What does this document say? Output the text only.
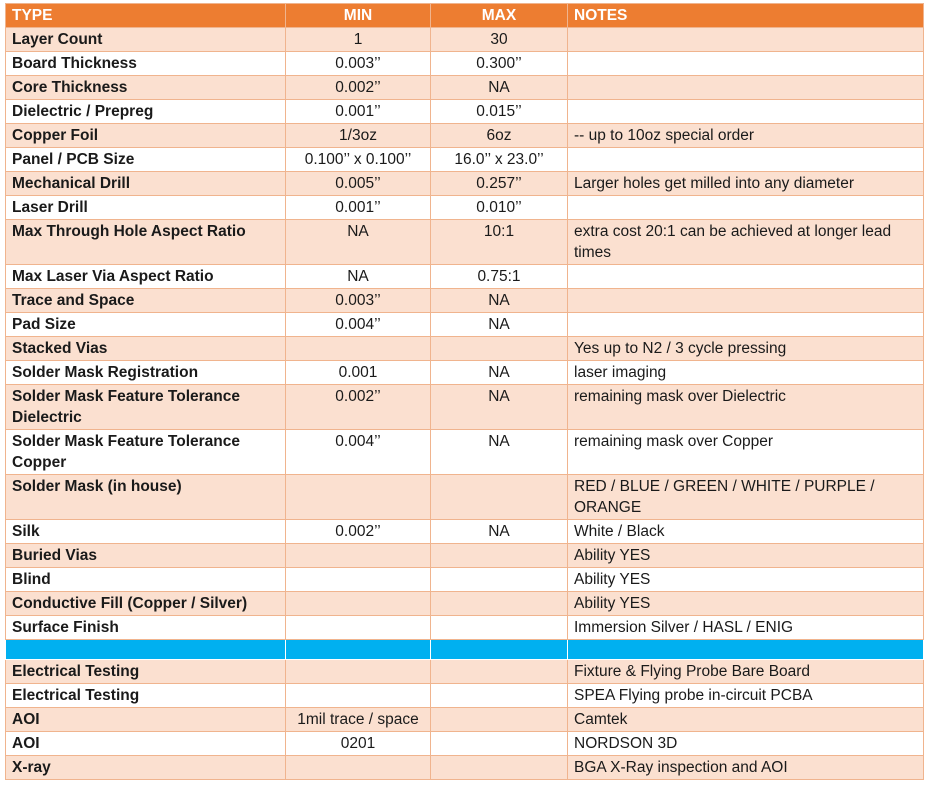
TYPE	MIN	MAX	NOTES
Layer Count	1	30	
Board Thickness	0.003’’	0.300’’	
Core Thickness	0.002’’	NA	
Dielectric / Prepreg	0.001’’	0.015’’	
Copper Foil	1/3oz	6oz	-- up to 10oz special order
Panel / PCB Size	0.100’’ x 0.100’’	16.0’’ x 23.0’’	
Mechanical Drill	0.005’’	0.257’’	Larger holes get milled into any diameter
Laser Drill	0.001’’	0.010’’	
Max Through Hole Aspect Ratio	NA	10:1	extra cost 20:1 can be achieved at longer lead times
Max Laser Via Aspect Ratio	NA	0.75:1	
Trace and Space	0.003’’	NA	
Pad Size	0.004’’	NA	
Stacked Vias			Yes up to N2 / 3 cycle pressing
Solder Mask Registration	0.001	NA	laser imaging
Solder Mask Feature Tolerance Dielectric	0.002’’	NA	remaining mask over Dielectric
Solder Mask Feature Tolerance Copper	0.004’’	NA	remaining mask over Copper
Solder Mask (in house)			RED / BLUE / GREEN / WHITE / PURPLE / ORANGE
Silk	0.002’’	NA	White / Black
Buried Vias			Ability YES
Blind			Ability YES
Conductive Fill (Copper / Silver)			Ability YES
Surface Finish			Immersion Silver / HASL / ENIG

Electrical Testing			Fixture & Flying Probe Bare Board
Electrical Testing			SPEA Flying probe in-circuit PCBA
AOI	1mil trace / space		Camtek
AOI	0201		NORDSON 3D
X-ray			BGA X-Ray inspection and AOI
